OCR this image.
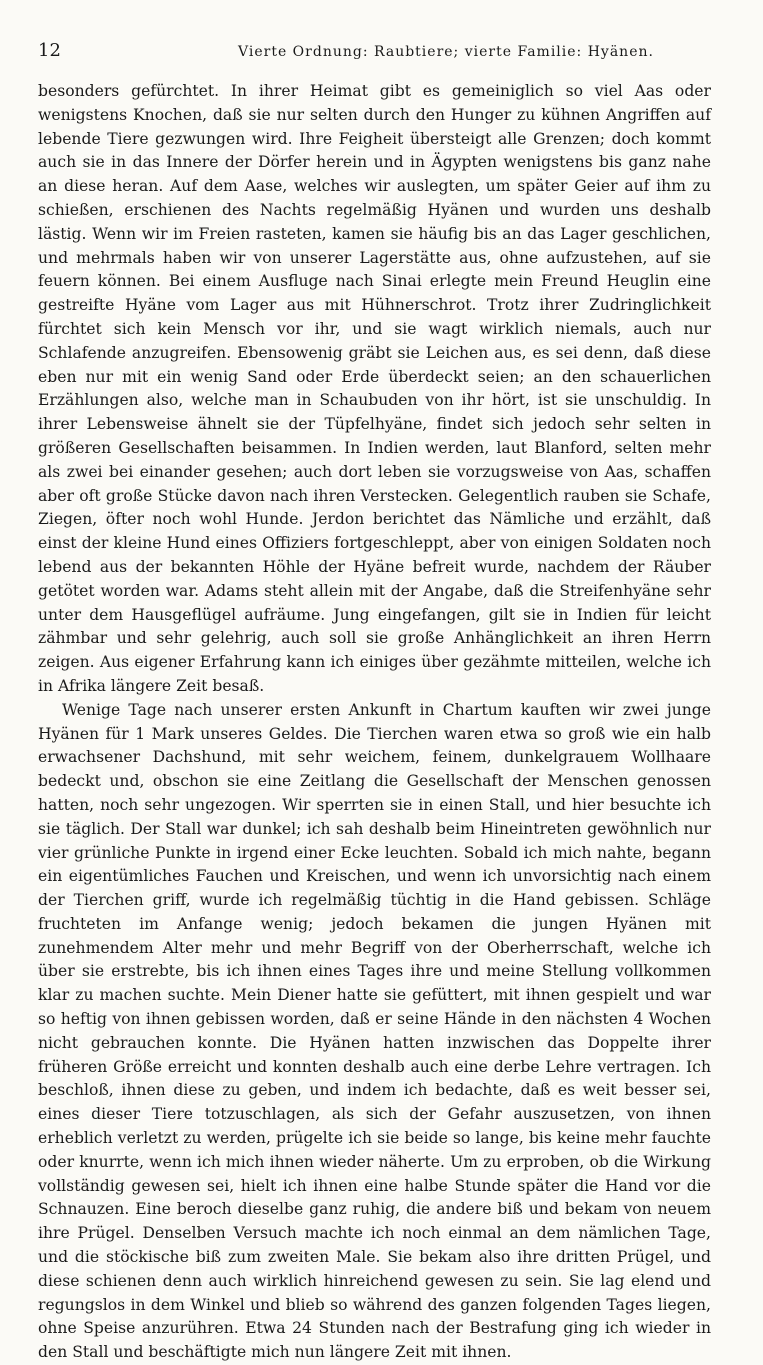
12	Vierte Ordnung: Raubtiere; vierte Familie: Hyänen.

besonders gefürchtet. In ihrer Heimat gibt es gemeiniglich so viel Aas oder wenigstens Knochen, daß sie nur selten durch den Hunger zu kühnen Angriffen auf lebende Tiere gezwungen wird. Ihre Feigheit übersteigt alle Grenzen; doch kommt auch sie in das Innere der Dörfer herein und in Ägypten wenigstens bis ganz nahe an diese heran. Auf dem Aase, welches wir auslegten, um später Geier auf ihm zu schießen, erschienen des Nachts regelmäßig Hyänen und wurden uns deshalb lästig. Wenn wir im Freien rasteten, kamen sie häufig bis an das Lager geschlichen, und mehrmals haben wir von unserer Lagerstätte aus, ohne aufzustehen, auf sie feuern können. Bei einem Ausfluge nach Sinai erlegte mein Freund Heuglin eine gestreifte Hyäne vom Lager aus mit Hühnerschrot. Trotz ihrer Zudringlichkeit fürchtet sich kein Mensch vor ihr, und sie wagt wirklich niemals, auch nur Schlafende anzugreifen. Ebensowenig gräbt sie Leichen aus, es sei denn, daß diese eben nur mit ein wenig Sand oder Erde überdeckt seien; an den schauerlichen Erzählungen also, welche man in Schaubuden von ihr hört, ist sie unschuldig. In ihrer Lebensweise ähnelt sie der Tüpfelhyäne, findet sich jedoch sehr selten in größeren Gesellschaften beisammen. In Indien werden, laut Blanford, selten mehr als zwei bei einander gesehen; auch dort leben sie vorzugsweise von Aas, schaffen aber oft große Stücke davon nach ihren Verstecken. Gelegentlich rauben sie Schafe, Ziegen, öfter noch wohl Hunde. Jerdon berichtet das Nämliche und erzählt, daß einst der kleine Hund eines Offiziers fortgeschleppt, aber von einigen Soldaten noch lebend aus der bekannten Höhle der Hyäne befreit wurde, nachdem der Räuber getötet worden war. Adams steht allein mit der Angabe, daß die Streifenhyäne sehr unter dem Hausgeflügel aufräume. Jung eingefangen, gilt sie in Indien für leicht zähmbar und sehr gelehrig, auch soll sie große Anhänglichkeit an ihren Herrn zeigen. Aus eigener Erfahrung kann ich einiges über gezähmte mitteilen, welche ich in Afrika längere Zeit besaß.

Wenige Tage nach unserer ersten Ankunft in Chartum kauften wir zwei junge Hyänen für 1 Mark unseres Geldes. Die Tierchen waren etwa so groß wie ein halb erwachsener Dachshund, mit sehr weichem, feinem, dunkelgrauem Wollhaare bedeckt und, obschon sie eine Zeitlang die Gesellschaft der Menschen genossen hatten, noch sehr ungezogen. Wir sperrten sie in einen Stall, und hier besuchte ich sie täglich. Der Stall war dunkel; ich sah deshalb beim Hineintreten gewöhnlich nur vier grünliche Punkte in irgend einer Ecke leuchten. Sobald ich mich nahte, begann ein eigentümliches Fauchen und Kreischen, und wenn ich unvorsichtig nach einem der Tierchen griff, wurde ich regelmäßig tüchtig in die Hand gebissen. Schläge fruchteten im Anfange wenig; jedoch bekamen die jungen Hyänen mit zunehmendem Alter mehr und mehr Begriff von der Oberherrschaft, welche ich über sie erstrebte, bis ich ihnen eines Tages ihre und meine Stellung vollkommen klar zu machen suchte. Mein Diener hatte sie gefüttert, mit ihnen gespielt und war so heftig von ihnen gebissen worden, daß er seine Hände in den nächsten 4 Wochen nicht gebrauchen konnte. Die Hyänen hatten inzwischen das Doppelte ihrer früheren Größe erreicht und konnten deshalb auch eine derbe Lehre vertragen. Ich beschloß, ihnen diese zu geben, und indem ich bedachte, daß es weit besser sei, eines dieser Tiere totzuschlagen, als sich der Gefahr auszusetzen, von ihnen erheblich verletzt zu werden, prügelte ich sie beide so lange, bis keine mehr fauchte oder knurrte, wenn ich mich ihnen wieder näherte. Um zu erproben, ob die Wirkung vollständig gewesen sei, hielt ich ihnen eine halbe Stunde später die Hand vor die Schnauzen. Eine beroch dieselbe ganz ruhig, die andere biß und bekam von neuem ihre Prügel. Denselben Versuch machte ich noch einmal an dem nämlichen Tage, und die stöckische biß zum zweiten Male. Sie bekam also ihre dritten Prügel, und diese schienen denn auch wirklich hinreichend gewesen zu sein. Sie lag elend und regungslos in dem Winkel und blieb so während des ganzen folgenden Tages liegen, ohne Speise anzurühren. Etwa 24 Stunden nach der Bestrafung ging ich wieder in den Stall und beschäftigte mich nun längere Zeit mit ihnen.
